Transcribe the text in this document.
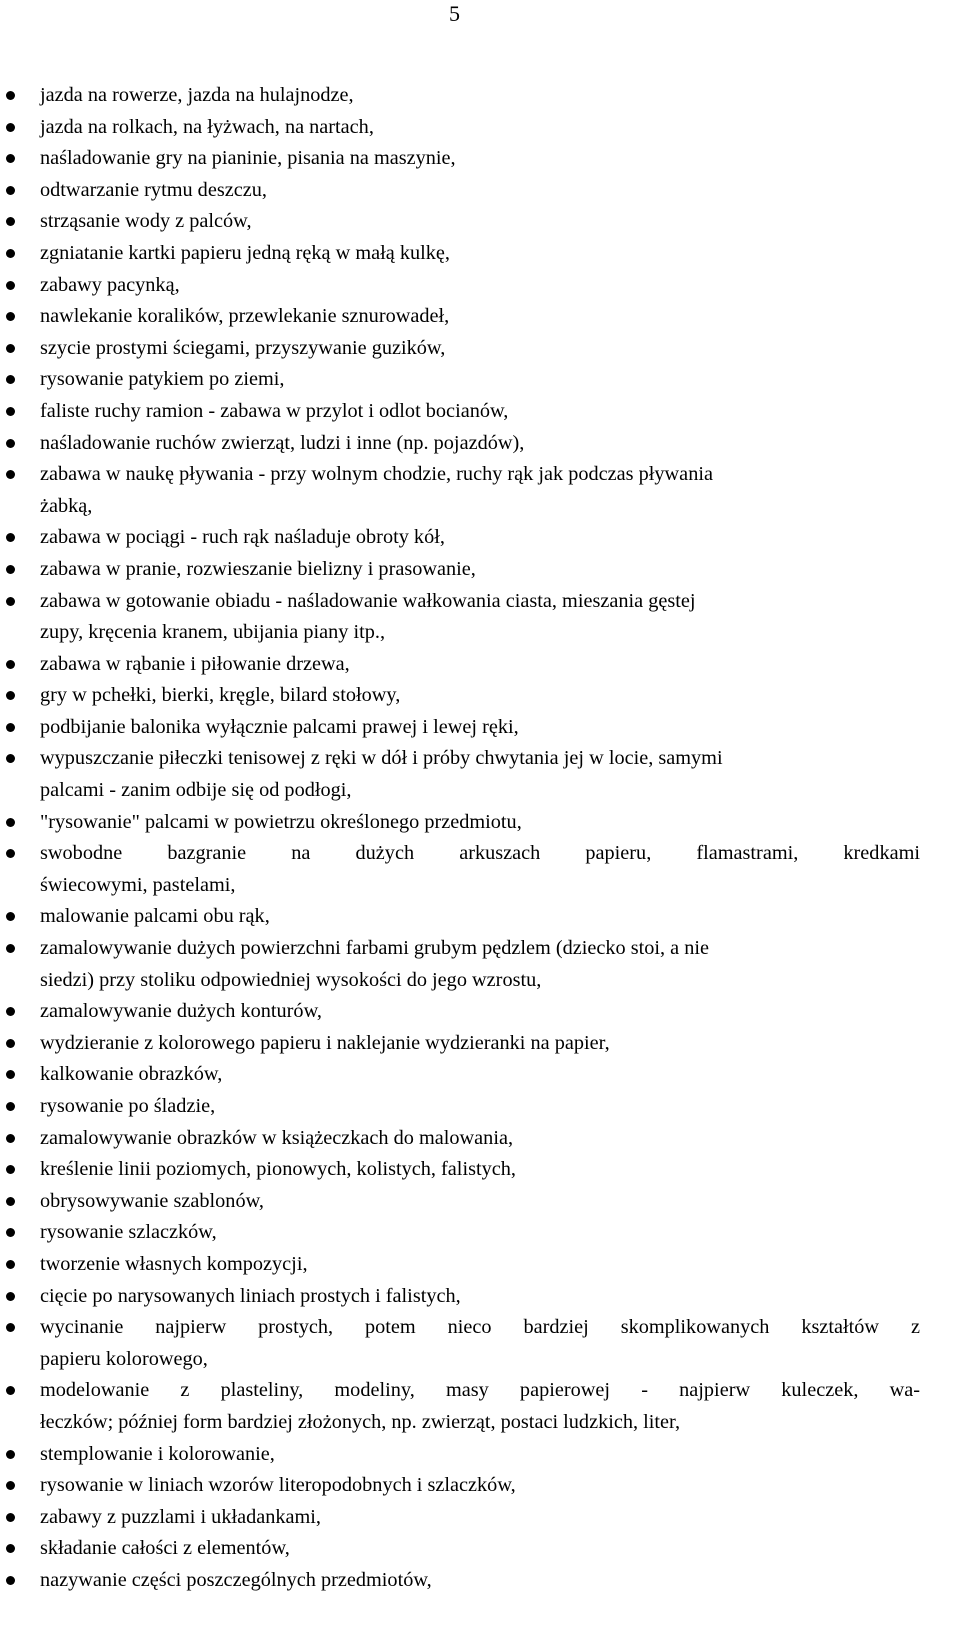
5
jazda na rowerze, jazda na hulajnodze,
jazda na rolkach, na łyżwach, na nartach,
naśladowanie gry na pianinie, pisania na maszynie,
odtwarzanie rytmu deszczu,
strząsanie wody z palców,
zgniatanie kartki papieru jedną ręką w małą kulkę,
zabawy pacynką,
nawlekanie koralików, przewlekanie sznurowadeł,
szycie prostymi ściegami, przyszywanie guzików,
rysowanie patykiem po ziemi,
faliste ruchy ramion - zabawa w przylot i odlot bocianów,
naśladowanie ruchów zwierząt, ludzi i inne (np. pojazdów),
zabawa w naukę pływania - przy wolnym chodzie, ruchy rąk jak podczas pływania
żabką,
zabawa w pociągi - ruch rąk naśladuje obroty kół,
zabawa w pranie, rozwieszanie bielizny i prasowanie,
zabawa w gotowanie obiadu - naśladowanie wałkowania ciasta, mieszania gęstej
zupy, kręcenia kranem, ubijania piany itp.,
zabawa w rąbanie i piłowanie drzewa,
gry w pchełki, bierki, kręgle, bilard stołowy,
podbijanie balonika wyłącznie palcami prawej i lewej ręki,
wypuszczanie piłeczki tenisowej z ręki w dół i próby chwytania jej w locie, samymi
palcami - zanim odbije się od podłogi,
"rysowanie" palcami w powietrzu określonego przedmiotu,
swobodne bazgranie na dużych arkuszach papieru, flamastrami, kredkami
świecowymi, pastelami,
malowanie palcami obu rąk,
zamalowywanie dużych powierzchni farbami grubym pędzlem (dziecko stoi, a nie
siedzi) przy stoliku odpowiedniej wysokości do jego wzrostu,
zamalowywanie dużych konturów,
wydzieranie z kolorowego papieru i naklejanie wydzieranki na papier,
kalkowanie obrazków,
rysowanie po śladzie,
zamalowywanie obrazków w książeczkach do malowania,
kreślenie linii poziomych, pionowych, kolistych, falistych,
obrysowywanie szablonów,
rysowanie szlaczków,
tworzenie własnych kompozycji,
cięcie po narysowanych liniach prostych i falistych,
wycinanie najpierw prostych, potem nieco bardziej skomplikowanych kształtów z
papieru kolorowego,
modelowanie z plasteliny, modeliny, masy papierowej - najpierw kuleczek, wa-
łeczków; później form bardziej złożonych, np. zwierząt, postaci ludzkich, liter,
stemplowanie i kolorowanie,
rysowanie w liniach wzorów literopodobnych i szlaczków,
zabawy z puzzlami i układankami,
składanie całości z elementów,
nazywanie części poszczególnych przedmiotów,
